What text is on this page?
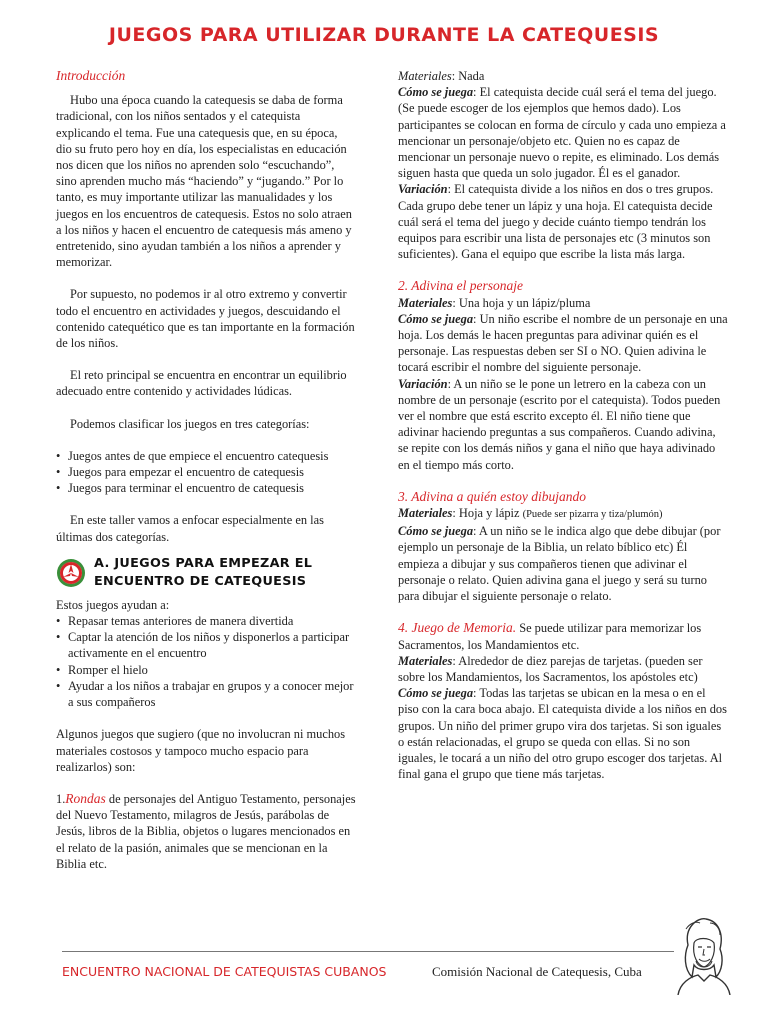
JUEGOS PARA UTILIZAR DURANTE LA CATEQUESIS

Introducción

Hubo una época cuando la catequesis se daba de forma tradicional, con los niños sentados y el catequista explicando el tema. Fue una catequesis que, en su época, dio su fruto pero hoy en día, los especialistas en educación nos dicen que los niños no aprenden solo “escuchando”, sino aprenden mucho más “haciendo” y “jugando.” Por lo tanto, es muy importante utilizar las manualidades y los juegos en los encuentros de catequesis. Estos no solo atraen a los niños y hacen el encuentro de catequesis más ameno y entretenido, sino ayudan también a los niños a aprender y memorizar.

Por supuesto, no podemos ir al otro extremo y convertir todo el encuentro en actividades y juegos, descuidando el contenido catequético que es tan importante en la formación de los niños.

El reto principal se encuentra en encontrar un equilibrio adecuado entre contenido y actividades lúdicas.

Podemos clasificar los juegos en tres categorías:

• Juegos antes de que empiece el encuentro catequesis
• Juegos para empezar el encuentro de catequesis
• Juegos para terminar el encuentro de catequesis

En este taller vamos a enfocar especialmente en las últimas dos categorías.

A. JUEGOS PARA EMPEZAR EL
ENCUENTRO DE CATEQUESIS

Estos juegos ayudan a:

• Repasar temas anteriores de manera divertida
• Captar la atención de los niños y disponerlos a participar activamente en el encuentro
• Romper el hielo
• Ayudar a los niños a trabajar en grupos y a conocer mejor a sus compañeros

Algunos juegos que sugiero (que no involucran ni muchos materiales costosos y tampoco mucho espacio para realizarlos) son:

1.Rondas de personajes del Antiguo Testamento, personajes del Nuevo Testamento, milagros de Jesús, parábolas de Jesús, libros de la Biblia, objetos o lugares mencionados en el relato de la pasión, animales que se mencionan en la Biblia etc.

Materiales: Nada

Cómo se juega: El catequista decide cuál será el tema del juego. (Se puede escoger de los ejemplos que hemos dado). Los participantes se colocan en forma de círculo y cada uno empieza a mencionar un personaje/objeto etc. Quien no es capaz de mencionar un personaje nuevo o repite, es eliminado. Los demás siguen hasta que queda un solo jugador. Él es el ganador.

Variación: El catequista divide a los niños en dos o tres grupos. Cada grupo debe tener un lápiz y una hoja. El catequista decide cuál será el tema del juego y decide cuánto tiempo tendrán los equipos para escribir una lista de personajes etc (3 minutos son suficientes). Gana el equipo que escribe la lista más larga.

2. Adivina el personaje

Materiales: Una hoja y un lápiz/pluma

Cómo se juega: Un niño escribe el nombre de un personaje en una hoja. Los demás le hacen preguntas para adivinar quién es el personaje. Las respuestas deben ser SI o NO. Quien adivina le tocará escribir el nombre del siguiente personaje.

Variación: A un niño se le pone un letrero en la cabeza con un nombre de un personaje (escrito por el catequista). Todos pueden ver el nombre que está escrito excepto él. El niño tiene que adivinar haciendo preguntas a sus compañeros. Cuando adivina, se repite con los demás niños y gana el niño que haya adivinado en el tiempo más corto.

3. Adivina a quién estoy dibujando

Materiales: Hoja y lápiz (Puede ser pizarra y tiza/plumón)

Cómo se juega: A un niño se le indica algo que debe dibujar (por ejemplo un personaje de la Biblia, un relato bíblico etc) Él empieza a dibujar y sus compañeros tienen que adivinar el personaje o relato. Quien adivina gana el juego y será su turno para dibujar el siguiente personaje o relato.

4. Juego de Memoria. Se puede utilizar para memorizar los Sacramentos, los Mandamientos etc.

Materiales: Alrededor de diez parejas de tarjetas. (pueden ser sobre los Mandamientos, los Sacramentos, los apóstoles etc)

Cómo se juega: Todas las tarjetas se ubican en la mesa o en el piso con la cara boca abajo. El catequista divide a los niños en dos grupos. Un niño del primer grupo vira dos tarjetas. Si son iguales o están relacionadas, el grupo se queda con ellas. Si no son iguales, le tocará a un niño del otro grupo escoger dos tarjetas. Al final gana el grupo que tiene más tarjetas.

ENCUENTRO NACIONAL DE CATEQUISTAS CUBANOS	Comisión Nacional de Catequesis, Cuba
